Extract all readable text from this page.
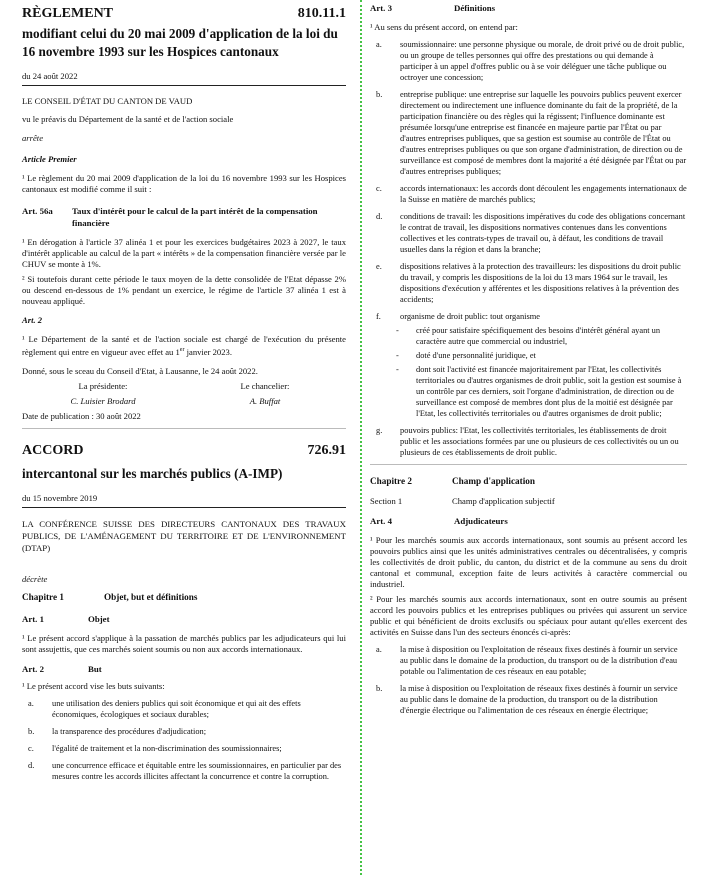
RÈGLEMENT	810.11.1
modifiant celui du 20 mai 2009 d'application de la loi du 16 novembre 1993 sur les Hospices cantonaux
du 24 août 2022
LE CONSEIL D'ÉTAT DU CANTON DE VAUD
vu le préavis du Département de la santé et de l'action sociale
arrête
Article Premier
¹ Le règlement du 20 mai 2009 d'application de la loi du 16 novembre 1993 sur les Hospices cantonaux est modifié comme il suit :
Art. 56a	Taux d'intérêt pour le calcul de la part intérêt de la compensation financière
¹ En dérogation à l'article 37 alinéa 1 et pour les exercices budgétaires 2023 à 2027, le taux d'intérêt applicable au calcul de la part « intérêts » de la compensation financière versée par le CHUV se monte à 1%.
² Si toutefois durant cette période le taux moyen de la dette consolidée de l'Etat dépasse 2% ou descend en-dessous de 1% pendant un exercice, le régime de l'article 37 alinéa 1 est à nouveau appliqué.
Art. 2
¹ Le Département de la santé et de l'action sociale est chargé de l'exécution du présente règlement qui entre en vigueur avec effet au 1er janvier 2023.
Donné, sous le sceau du Conseil d'Etat, à Lausanne, le 24 août 2022.
La présidente:	Le chancelier:
C. Luisier Brodard	A. Buffat
Date de publication : 30 août 2022
ACCORD	726.91
intercantonal sur les marchés publics (A-IMP)
du 15 novembre 2019
LA CONFÉRENCE SUISSE DES DIRECTEURS CANTONAUX DES TRAVAUX PUBLICS, DE L'AMÉNAGEMENT DU TERRITOIRE ET DE L'ENVIRONNEMENT (DTAP)
décrète
Chapitre 1	Objet, but et définitions
Art. 1	Objet
¹ Le présent accord s'applique à la passation de marchés publics par les adjudicateurs qui lui sont assujettis, que ces marchés soient soumis ou non aux accords internationaux.
Art. 2	But
¹ Le présent accord vise les buts suivants:
a.	une utilisation des deniers publics qui soit économique et qui ait des effets économiques, écologiques et sociaux durables;
b.	la transparence des procédures d'adjudication;
c.	l'égalité de traitement et la non-discrimination des soumissionnaires;
d.	une concurrence efficace et équitable entre les soumissionnaires, en particulier par des mesures contre les accords illicites affectant la concurrence et contre la corruption.
Art. 3	Définitions
¹ Au sens du présent accord, on entend par:
a.	soumissionnaire: une personne physique ou morale, de droit privé ou de droit public, ou un groupe de telles personnes qui offre des prestations ou qui demande à participer à un appel d'offres public ou à se voir déléguer une tâche publique ou octroyer une concession;
b.	entreprise publique: une entreprise sur laquelle les pouvoirs publics peuvent exercer directement ou indirectement une influence dominante du fait de la propriété, de la participation financière ou des règles qui la régissent; l'influence dominante est présumée lorsqu'une entreprise est financée en majeure partie par l'État ou par d'autres entreprises publiques, que sa gestion est soumise au contrôle de l'État ou d'autres entreprises publiques ou que son organe d'administration, de direction ou de surveillance est composé de membres dont la majorité a été désignée par l'État ou par d'autres entreprises publiques;
c.	accords internationaux: les accords dont découlent les engagements internationaux de la Suisse en matière de marchés publics;
d.	conditions de travail: les dispositions impératives du code des obligations concernant le contrat de travail, les dispositions normatives contenues dans les conventions collectives et les contrats-types de travail ou, à défaut, les conditions de travail usuelles dans la région et dans la branche;
e.	dispositions relatives à la protection des travailleurs: les dispositions du droit public du travail, y compris les dispositions de la loi du 13 mars 1964 sur le travail, les dispositions d'exécution y afférentes et les dispositions relatives à la prévention des accidents;
f.	organisme de droit public: tout organisme
-	créé pour satisfaire spécifiquement des besoins d'intérêt général ayant un caractère autre que commercial ou industriel,
-	doté d'une personnalité juridique, et
-	dont soit l'activité est financée majoritairement par l'Etat, les collectivités territoriales ou d'autres organismes de droit public, soit la gestion est soumise à un contrôle par ces derniers, soit l'organe d'administration, de direction ou de surveillance est composé de membres dont plus de la moitié est désignée par l'Etat, les collectivités territoriales ou d'autres organismes de droit public;
g.	pouvoirs publics: l'Etat, les collectivités territoriales, les établissements de droit public et les associations formées par une ou plusieurs de ces collectivités ou un ou plusieurs de ces établissements de droit public.
Chapitre 2	Champ d'application
Section 1	Champ d'application subjectif
Art. 4	Adjudicateurs
¹ Pour les marchés soumis aux accords internationaux, sont soumis au présent accord les pouvoirs publics ainsi que les unités administratives centrales ou décentralisées, y compris les collectivités de droit public, du canton, du district et de la commune au sens du droit cantonal et communal, exception faite de leurs activités à caractère commercial ou industriel.
² Pour les marchés soumis aux accords internationaux, sont en outre soumis au présent accord les pouvoirs publics et les entreprises publiques ou privées qui assurent un service public et qui bénéficient de droits exclusifs ou spéciaux pour autant qu'elles exercent des activités en Suisse dans l'un des secteurs énoncés ci-après:
a.	la mise à disposition ou l'exploitation de réseaux fixes destinés à fournir un service au public dans le domaine de la production, du transport ou de la distribution d'eau potable ou l'alimentation de ces réseaux en eau potable;
b.	la mise à disposition ou l'exploitation de réseaux fixes destinés à fournir un service au public dans le domaine de la production, du transport ou de la distribution d'énergie électrique ou l'alimentation de ces réseaux en énergie électrique;
